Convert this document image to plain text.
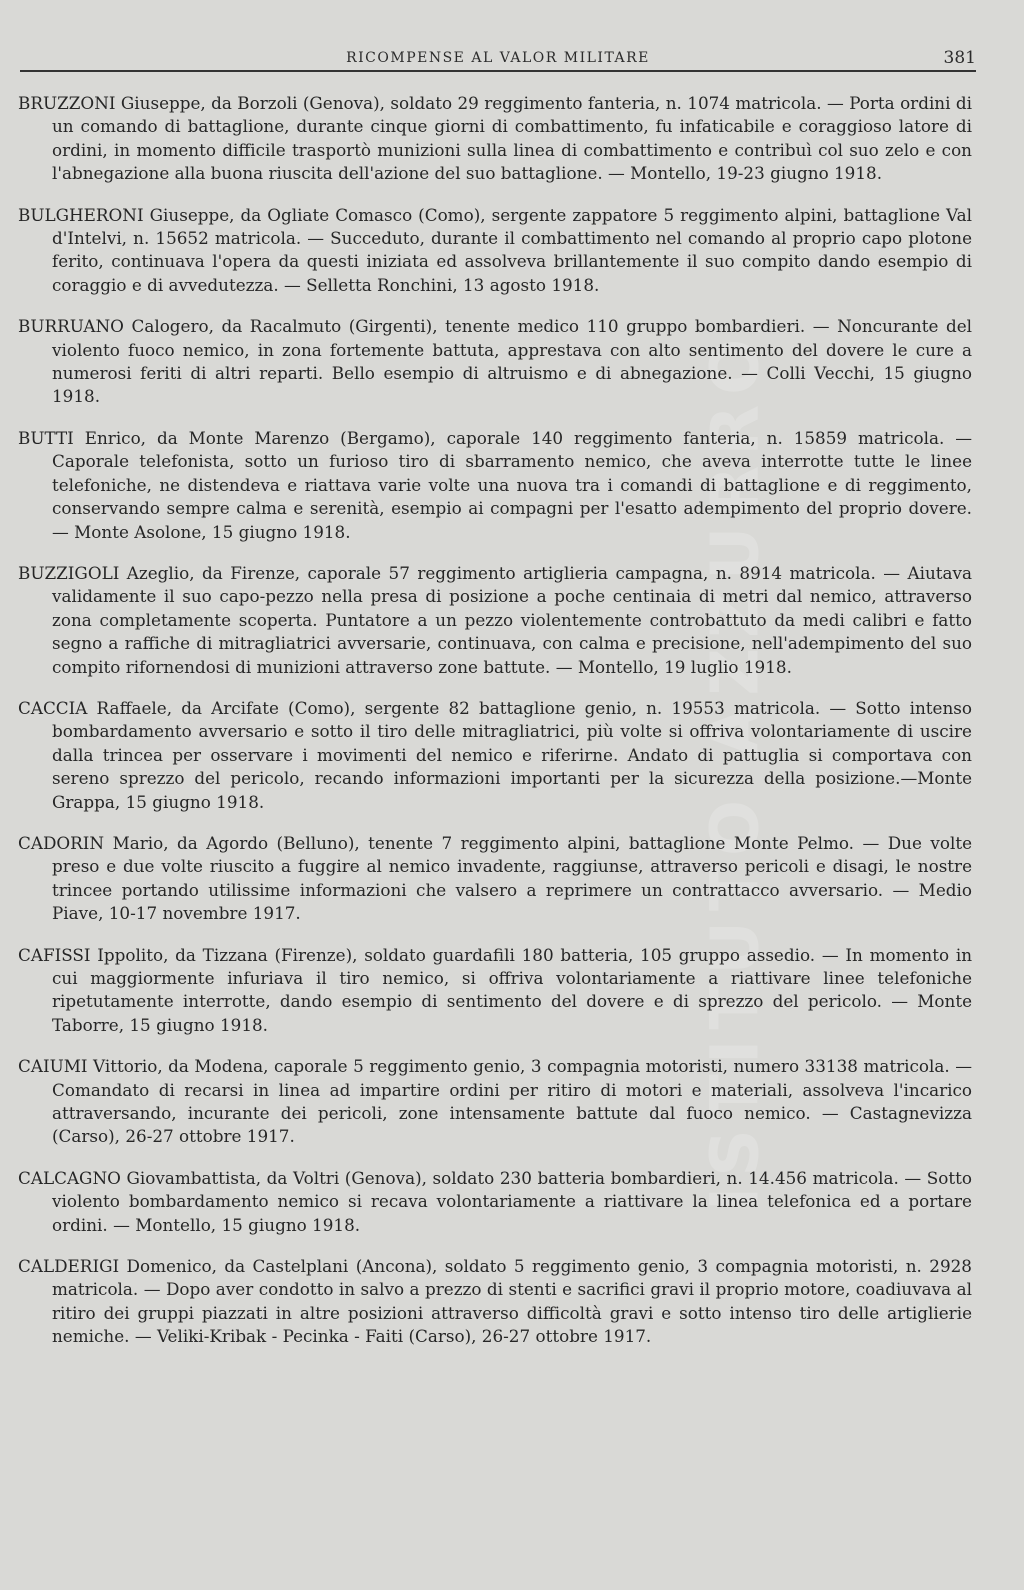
ISTITUTO AZZURRO
RICOMPENSE AL VALOR MILITARE	381

BRUZZONI Giuseppe, da Borzoli (Genova), soldato 29 reggimento fanteria, n. 1074 matricola. — Porta ordini di un comando di battaglione, durante cinque giorni di combattimento, fu infaticabile e coraggioso latore di ordini, in momento difficile trasportò munizioni sulla linea di combattimento e contribuì col suo zelo e con l'abnegazione alla buona riuscita dell'azione del suo battaglione. — Montello, 19-23 giugno 1918.

BULGHERONI Giuseppe, da Ogliate Comasco (Como), sergente zappatore 5 reggimento alpini, battaglione Val d'Intelvi, n. 15652 matricola. — Succeduto, durante il combattimento nel comando al proprio capo plotone ferito, continuava l'opera da questi iniziata ed assolveva brillantemente il suo compito dando esempio di coraggio e di avvedutezza. — Selletta Ronchini, 13 agosto 1918.

BURRUANO Calogero, da Racalmuto (Girgenti), tenente medico 110 gruppo bombardieri. — Noncurante del violento fuoco nemico, in zona fortemente battuta, apprestava con alto sentimento del dovere le cure a numerosi feriti di altri reparti. Bello esempio di altruismo e di abnegazione. — Colli Vecchi, 15 giugno 1918.

BUTTI Enrico, da Monte Marenzo (Bergamo), caporale 140 reggimento fanteria, n. 15859 matricola. — Caporale telefonista, sotto un furioso tiro di sbarramento nemico, che aveva interrotte tutte le linee telefoniche, ne distendeva e riattava varie volte una nuova tra i comandi di battaglione e di reggimento, conservando sempre calma e serenità, esempio ai compagni per l'esatto adempimento del proprio dovere. — Monte Asolone, 15 giugno 1918.

BUZZIGOLI Azeglio, da Firenze, caporale 57 reggimento artiglieria campagna, n. 8914 matricola. — Aiutava validamente il suo capo-pezzo nella presa di posizione a poche centinaia di metri dal nemico, attraverso zona completamente scoperta. Puntatore a un pezzo violentemente controbattuto da medi calibri e fatto segno a raffiche di mitragliatrici avversarie, continuava, con calma e precisione, nell'adempimento del suo compito rifornendosi di munizioni attraverso zone battute. — Montello, 19 luglio 1918.

CACCIA Raffaele, da Arcifate (Como), sergente 82 battaglione genio, n. 19553 matricola. — Sotto intenso bombardamento avversario e sotto il tiro delle mitragliatrici, più volte si offriva volontariamente di uscire dalla trincea per osservare i movimenti del nemico e riferirne. Andato di pattuglia si comportava con sereno sprezzo del pericolo, recando informazioni importanti per la sicurezza della posizione.—Monte Grappa, 15 giugno 1918.

CADORIN Mario, da Agordo (Belluno), tenente 7 reggimento alpini, battaglione Monte Pelmo. — Due volte preso e due volte riuscito a fuggire al nemico invadente, raggiunse, attraverso pericoli e disagi, le nostre trincee portando utilissime informazioni che valsero a reprimere un contrattacco avversario. — Medio Piave, 10-17 novembre 1917.

CAFISSI Ippolito, da Tizzana (Firenze), soldato guardafili 180 batteria, 105 gruppo assedio. — In momento in cui maggiormente infuriava il tiro nemico, si offriva volontariamente a riattivare linee telefoniche ripetutamente interrotte, dando esempio di sentimento del dovere e di sprezzo del pericolo. — Monte Taborre, 15 giugno 1918.

CAIUMI Vittorio, da Modena, caporale 5 reggimento genio, 3 compagnia motoristi, numero 33138 matricola. — Comandato di recarsi in linea ad impartire ordini per ritiro di motori e materiali, assolveva l'incarico attraversando, incurante dei pericoli, zone intensamente battute dal fuoco nemico. — Castagnevizza (Carso), 26-27 ottobre 1917.

CALCAGNO Giovambattista, da Voltri (Genova), soldato 230 batteria bombardieri, n. 14.456 matricola. — Sotto violento bombardamento nemico si recava volontariamente a riattivare la linea telefonica ed a portare ordini. — Montello, 15 giugno 1918.

CALDERIGI Domenico, da Castelplani (Ancona), soldato 5 reggimento genio, 3 compagnia motoristi, n. 2928 matricola. — Dopo aver condotto in salvo a prezzo di stenti e sacrifici gravi il proprio motore, coadiuvava al ritiro dei gruppi piazzati in altre posizioni attraverso difficoltà gravi e sotto intenso tiro delle artiglierie nemiche. — Veliki-Kribak - Pecinka - Faiti (Carso), 26-27 ottobre 1917.
